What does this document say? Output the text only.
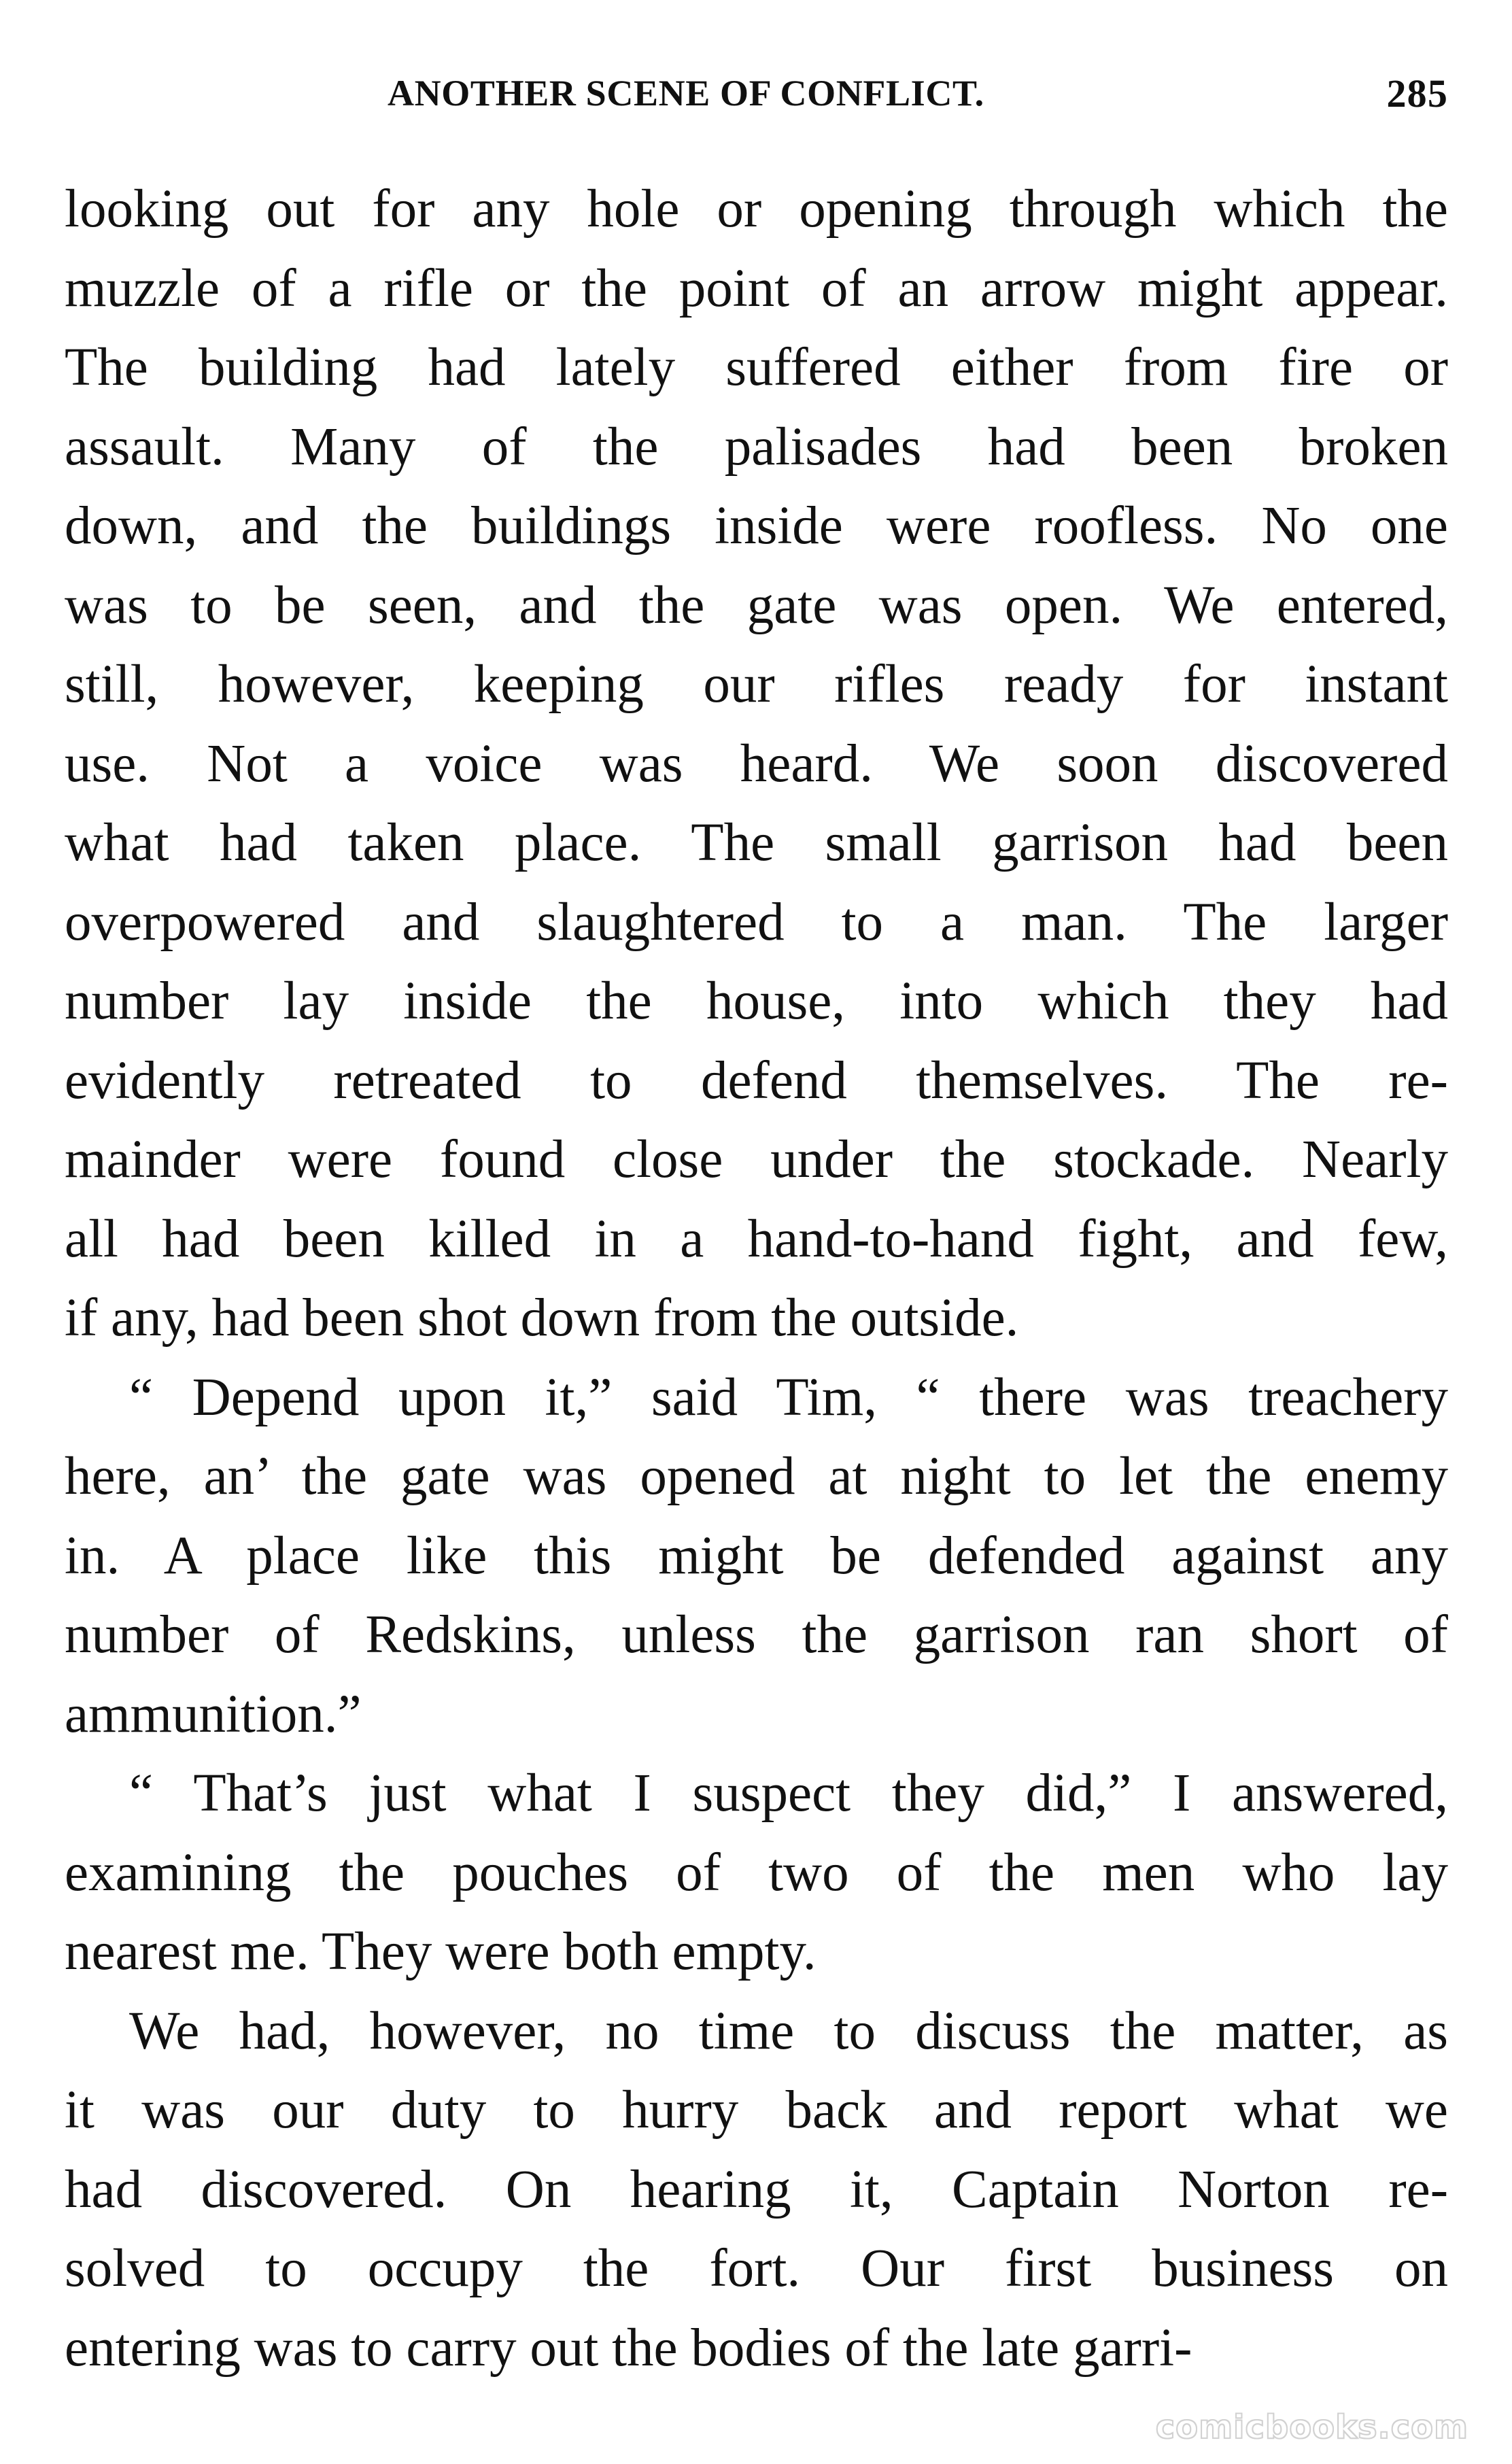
ANOTHER SCENE OF CONFLICT.	285

looking out for any hole or opening through which the
muzzle of a rifle or the point of an arrow might appear.
The building had lately suffered either from fire or
assault. Many of the palisades had been broken
down, and the buildings inside were roofless. No one
was to be seen, and the gate was open. We entered,
still, however, keeping our rifles ready for instant
use. Not a voice was heard. We soon discovered
what had taken place. The small garrison had been
overpowered and slaughtered to a man. The larger
number lay inside the house, into which they had
evidently retreated to defend themselves. The re-
mainder were found close under the stockade. Nearly
all had been killed in a hand-to-hand fight, and few,
if any, had been shot down from the outside.

“ Depend upon it,” said Tim, “ there was treachery
here, an’ the gate was opened at night to let the enemy
in. A place like this might be defended against any
number of Redskins, unless the garrison ran short of
ammunition.”

“ That’s just what I suspect they did,” I answered,
examining the pouches of two of the men who lay
nearest me. They were both empty.

We had, however, no time to discuss the matter, as
it was our duty to hurry back and report what we
had discovered. On hearing it, Captain Norton re-
solved to occupy the fort. Our first business on
entering was to carry out the bodies of the late garri-

comicbooks.com
